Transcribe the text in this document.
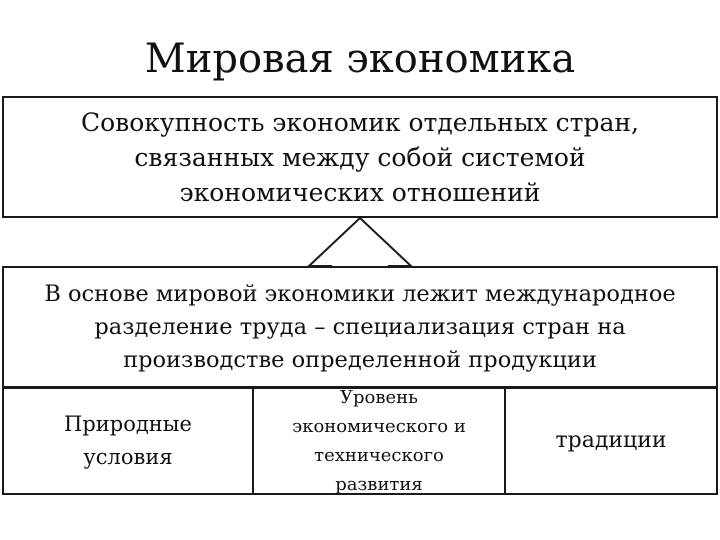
Мировая экономика
Совокупность экономик отдельных стран,
связанных между собой системой
экономических отношений
В основе мировой экономики лежит международное
разделение труда – специализация стран на
производстве определенной продукции
Природные
условия
Уровень
экономического и
технического
развития
традиции
